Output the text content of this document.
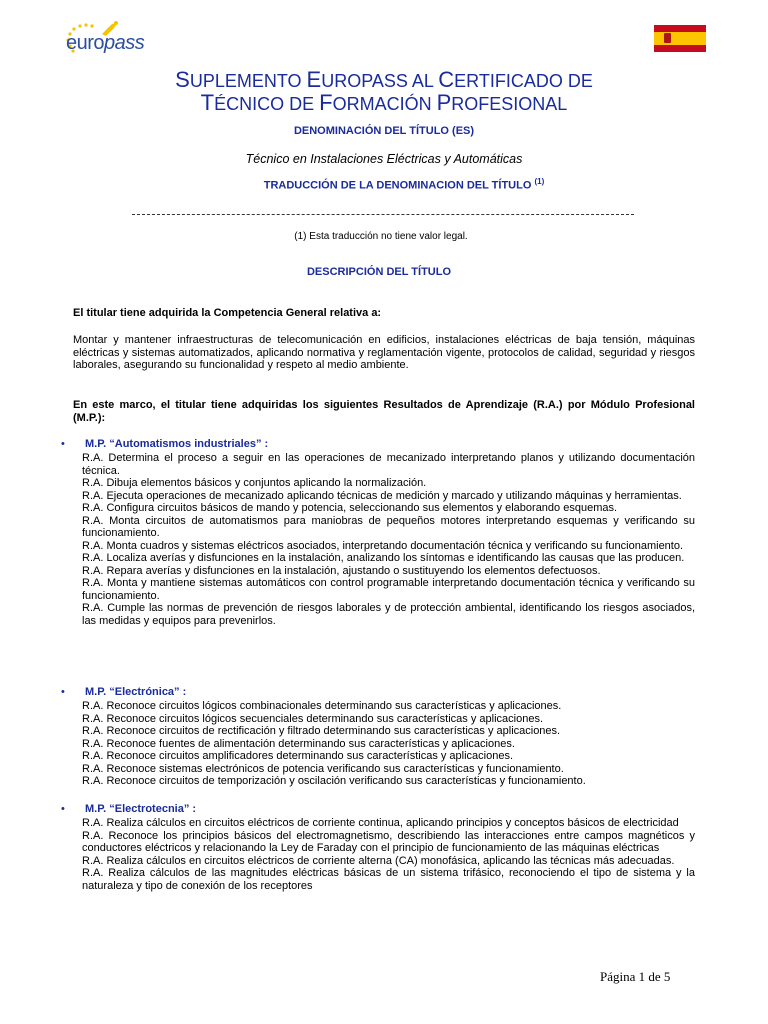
europass
SUPLEMENTO EUROPASS AL CERTIFICADO DE
TÉCNICO DE FORMACIÓN PROFESIONAL
DENOMINACIÓN DEL TÍTULO (ES)
Técnico en Instalaciones Eléctricas y Automáticas
TRADUCCIÓN DE LA DENOMINACION DEL TÍTULO $^{(1)}$
(1) Esta traducción no tiene valor legal.
DESCRIPCIÓN DEL TÍTULO
El titular tiene adquirida la Competencia General relativa a:
Montar y mantener infraestructuras de telecomunicación en edificios, instalaciones eléctricas de baja tensión, máquinas eléctricas y sistemas automatizados, aplicando normativa y reglamentación vigente, protocolos de calidad, seguridad y riesgos laborales, asegurando su funcionalidad y respeto al medio ambiente.
En este marco, el titular tiene adquiridas los siguientes Resultados de Aprendizaje (R.A.) por Módulo Profesional (M.P.):
• M.P. “Automatismos industriales” :
R.A. Determina el proceso a seguir en las operaciones de mecanizado interpretando planos y utilizando documentación técnica.
R.A. Dibuja elementos básicos y conjuntos aplicando la normalización.
R.A. Ejecuta operaciones de mecanizado aplicando técnicas de medición y marcado y utilizando máquinas y herramientas.
R.A. Configura circuitos básicos de mando y potencia, seleccionando sus elementos y elaborando esquemas.
R.A. Monta circuitos de automatismos para maniobras de pequeños motores interpretando esquemas y verificando su funcionamiento.
R.A. Monta cuadros y sistemas eléctricos asociados, interpretando documentación técnica y verificando su funcionamiento.
R.A. Localiza averías y disfunciones en la instalación, analizando los síntomas e identificando las causas que las producen.
R.A. Repara averías y disfunciones en la instalación, ajustando o sustituyendo los elementos defectuosos.
R.A. Monta y mantiene sistemas automáticos con control programable interpretando documentación técnica y verificando su funcionamiento.
R.A. Cumple las normas de prevención de riesgos laborales y de protección ambiental, identificando los riesgos asociados, las medidas y equipos para prevenirlos.
• M.P. “Electrónica” :
R.A. Reconoce circuitos lógicos combinacionales determinando sus características y aplicaciones.
R.A. Reconoce circuitos lógicos secuenciales determinando sus características y aplicaciones.
R.A. Reconoce circuitos de rectificación y filtrado determinando sus características y aplicaciones.
R.A. Reconoce fuentes de alimentación determinando sus características y aplicaciones.
R.A. Reconoce circuitos amplificadores determinando sus características y aplicaciones.
R.A. Reconoce sistemas electrónicos de potencia verificando sus características y funcionamiento.
R.A. Reconoce circuitos de temporización y oscilación verificando sus características y funcionamiento.
• M.P. “Electrotecnia” :
R.A. Realiza cálculos en circuitos eléctricos de corriente continua, aplicando principios y conceptos básicos de electricidad
R.A. Reconoce los principios básicos del electromagnetismo, describiendo las interacciones entre campos magnéticos y conductores eléctricos y relacionando la Ley de Faraday con el principio de funcionamiento de las máquinas eléctricas
R.A. Realiza cálculos en circuitos eléctricos de corriente alterna (CA) monofásica, aplicando las técnicas más adecuadas.
R.A. Realiza cálculos de las magnitudes eléctricas básicas de un sistema trifásico, reconociendo el tipo de sistema y la naturaleza y tipo de conexión de los receptores
Página 1 de 5
